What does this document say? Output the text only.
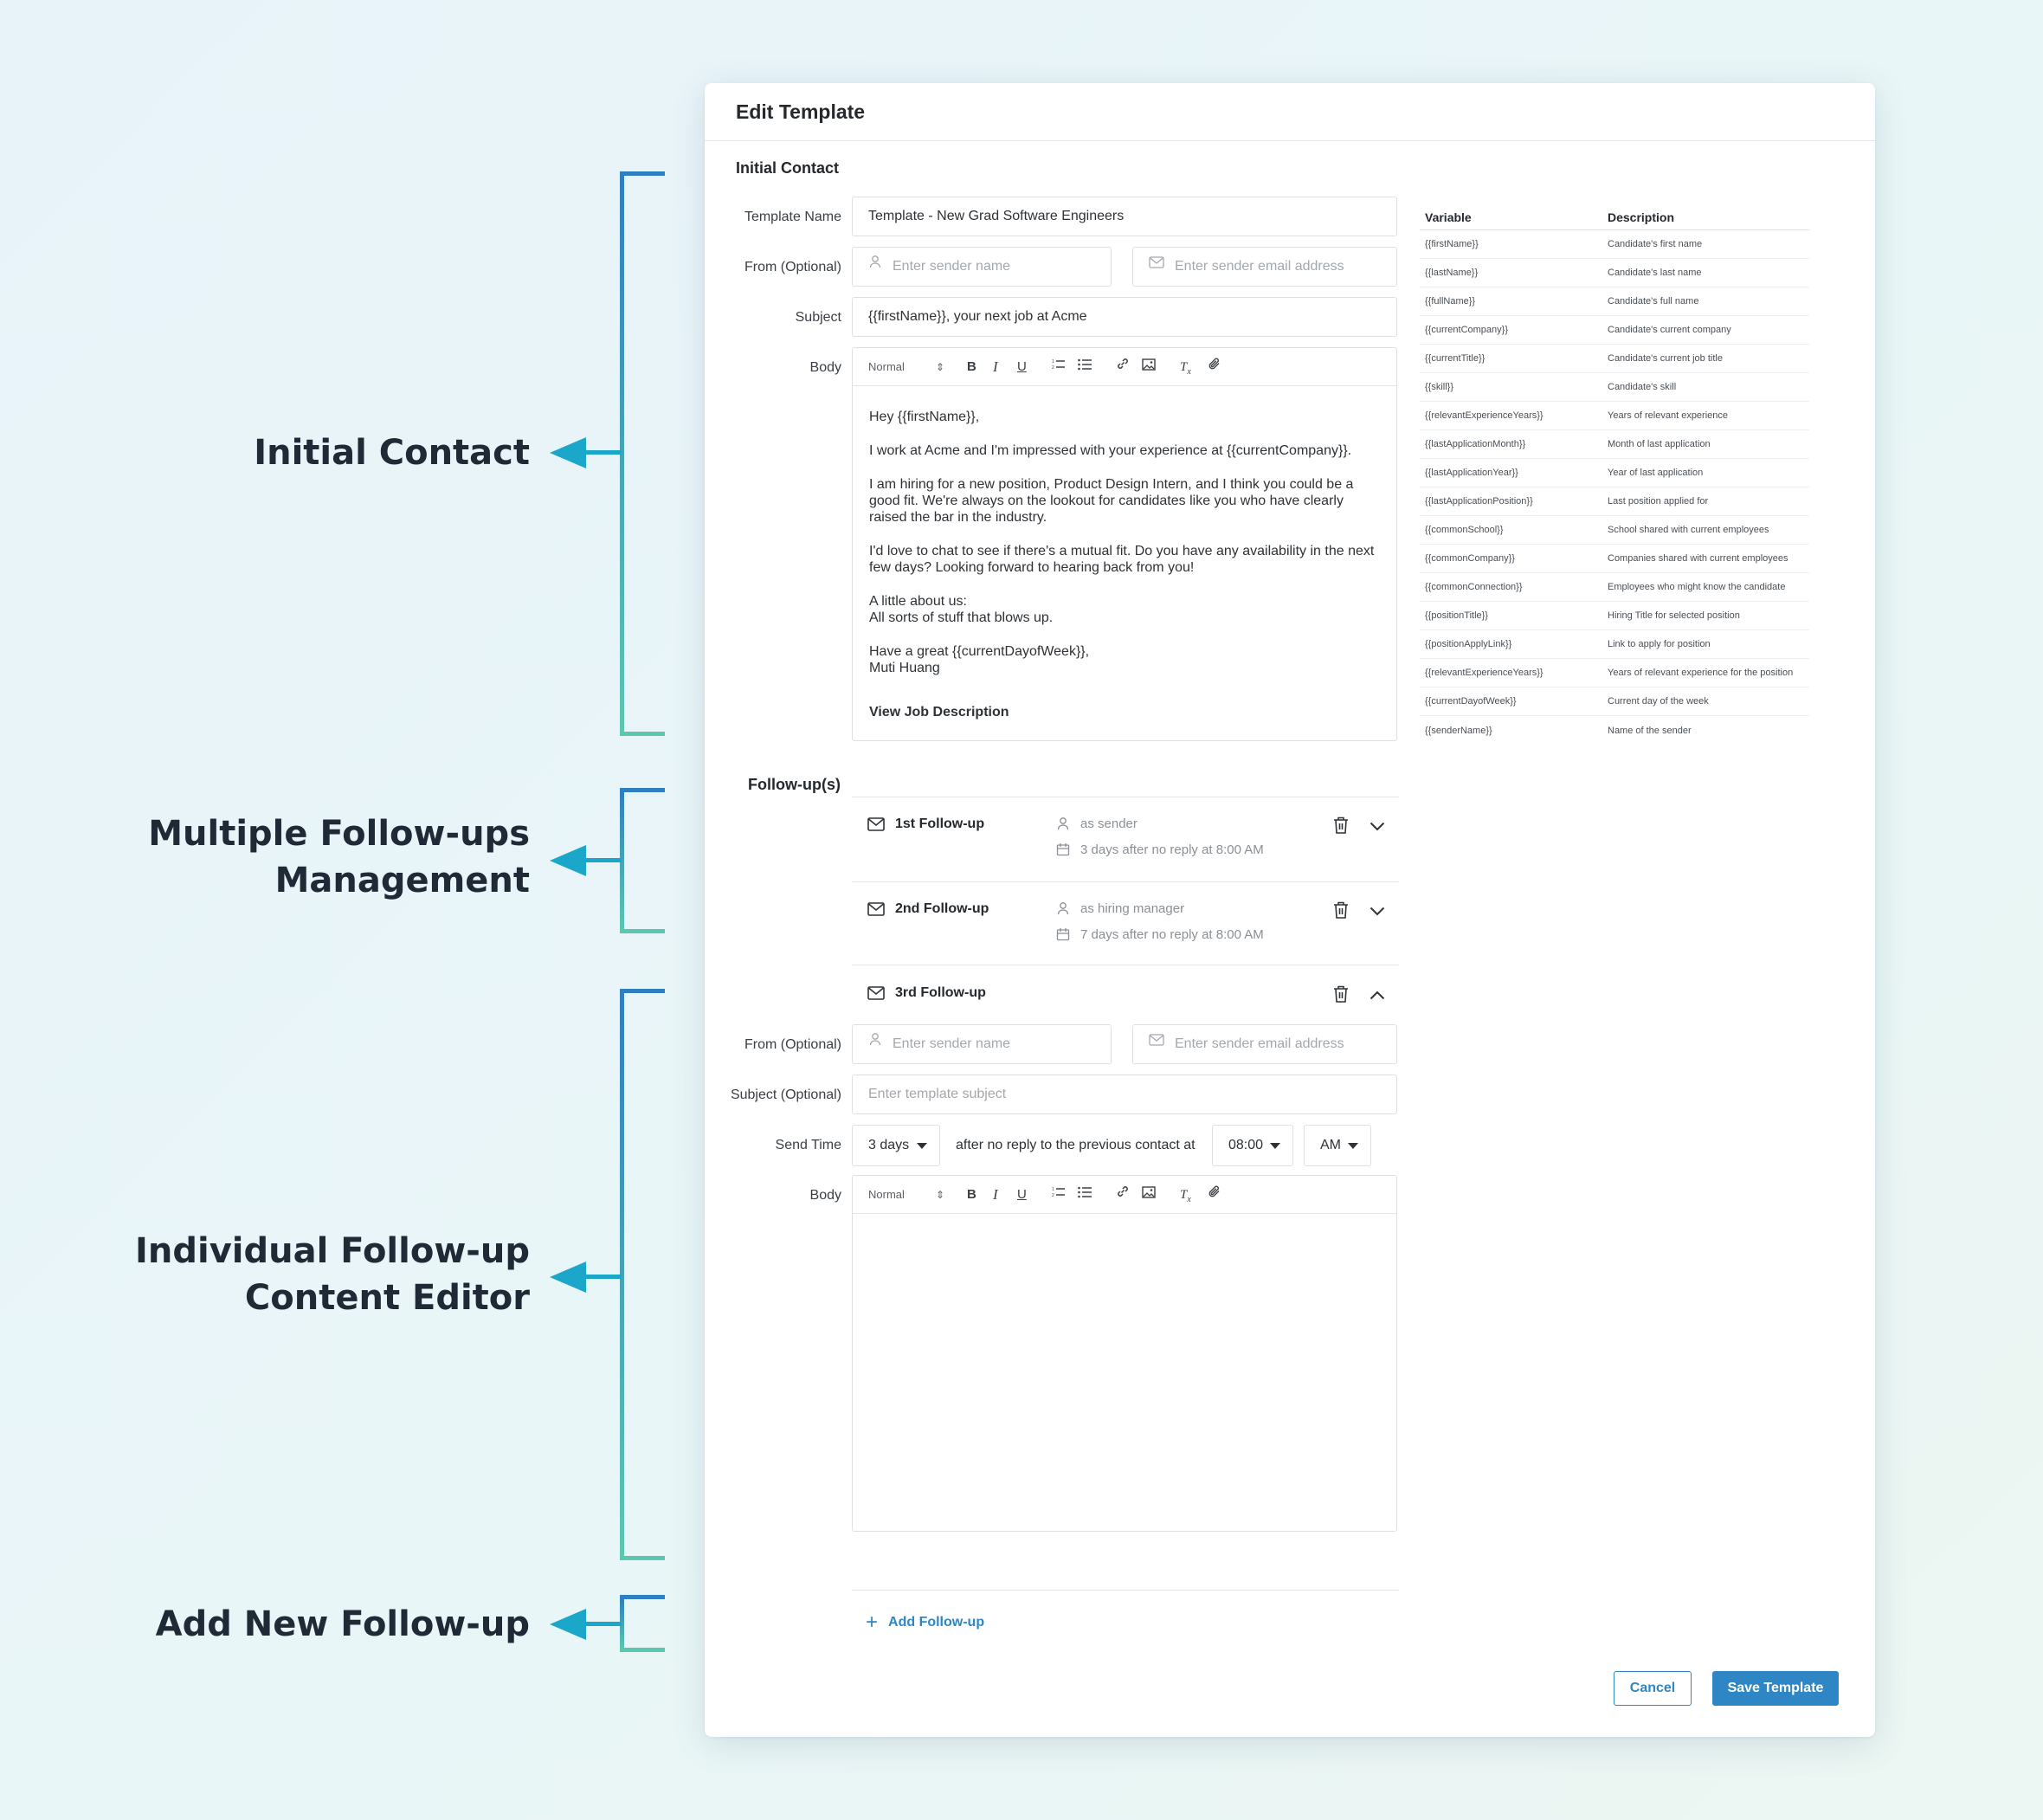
Initial Contact
Multiple Follow-ups
Management
Individual Follow-up
Content Editor
Add New Follow-up
Edit Template
Initial Contact
Template Name	Template - New Grad Software Engineers
From (Optional)	Enter sender name	Enter sender email address
Subject	{{firstName}}, your next job at Acme
Body Normal	⇕ B I U	1
2	$T_x$

Hey {{firstName}},

I work at Acme and I'm impressed with your experience at {{currentCompany}}.

I am hiring for a new position, Product Design Intern, and I think you could be a good fit. We're always on the lookout for candidates like you who have clearly raised the bar in the industry.

I'd love to chat to see if there's a mutual fit. Do you have any availability in the next few days? Looking forward to hearing back from you!

A little about us:
All sorts of stuff that blows up.

Have a great {{currentDayofWeek}},
Muti Huang

View Job Description

Variable	Description
{{firstName}}	Candidate's first name
{{lastName}}	Candidate's last name
{{fullName}}	Candidate's full name
{{currentCompany}}	Candidate's current company
{{currentTitle}}	Candidate's current job title
{{skill}}	Candidate's skill
{{relevantExperienceYears}}	Years of relevant experience
{{lastApplicationMonth}}	Month of last application
{{lastApplicationYear}}	Year of last application
{{lastApplicationPosition}}	Last position applied for
{{commonSchool}}	School shared with current employees
{{commonCompany}}	Companies shared with current employees
{{commonConnection}}	Employees who might know the candidate
{{positionTitle}}	Hiring Title for selected position
{{positionApplyLink}}	Link to apply for position
{{relevantExperienceYears}}	Years of relevant experience for the position
{{currentDayofWeek}}	Current day of the week
{{senderName}}	Name of the sender
Follow-up(s)
1st Follow-up	as sender
3 days after no reply at 8:00 AM
2nd Follow-up	as hiring manager
7 days after no reply at 8:00 AM
3rd Follow-up
From (Optional)	Enter sender name	Enter sender email address
Subject (Optional)	Enter template subject
Send Time	3 days	after no reply to the previous contact at	08:00	AM
Body Normal	⇕ B I U	1
2	$T_x$
+ Add Follow-up
Cancel	Save Template
